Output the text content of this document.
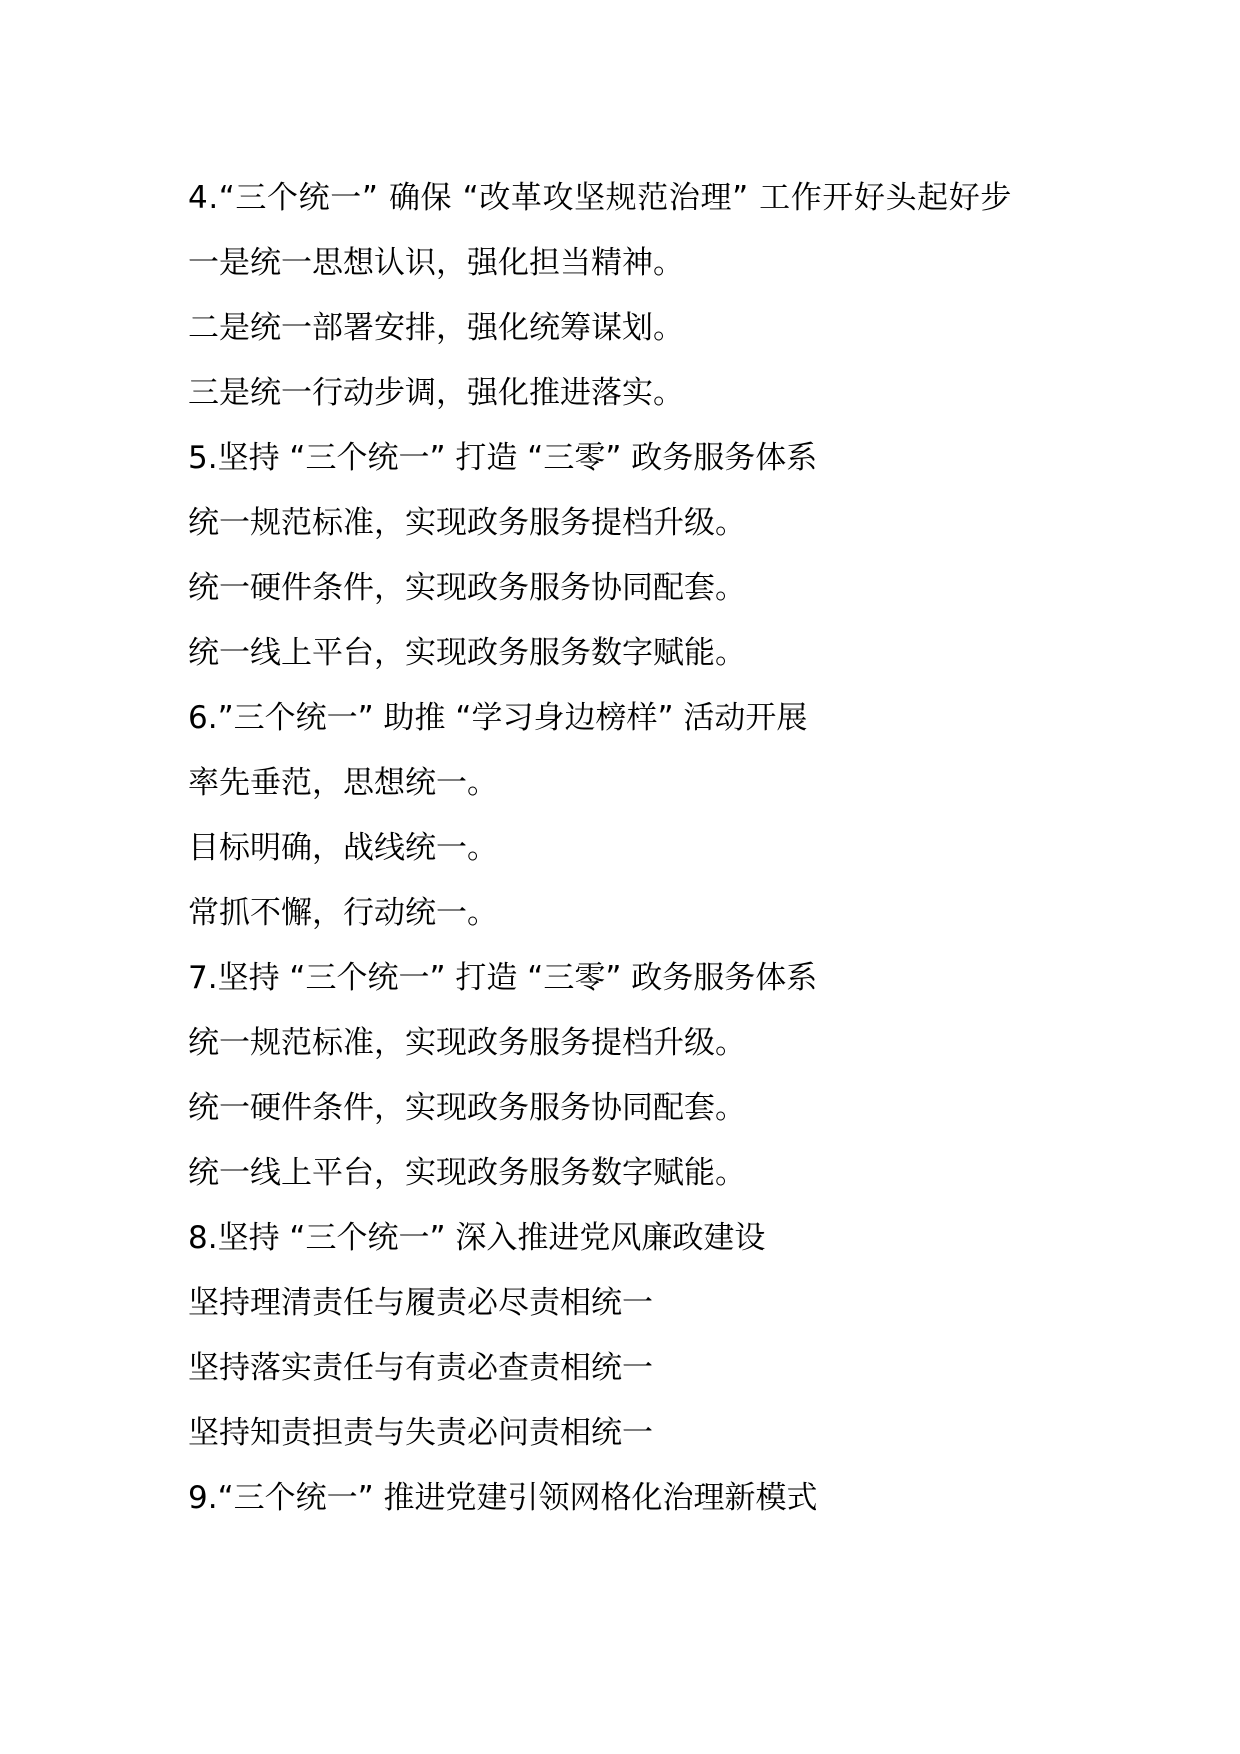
4.“三个统一” 确保 “改革攻坚规范治理” 工作开好头起好步
一是统一思想认识，强化担当精神。
二是统一部署安排，强化统筹谋划。
三是统一行动步调，强化推进落实。
5.坚持 “三个统一” 打造 “三零” 政务服务体系
统一规范标准，实现政务服务提档升级。
统一硬件条件，实现政务服务协同配套。
统一线上平台，实现政务服务数字赋能。
6.”三个统一” 助推 “学习身边榜样” 活动开展
率先垂范，思想统一。
目标明确，战线统一。
常抓不懈，行动统一。
7.坚持 “三个统一” 打造 “三零” 政务服务体系
统一规范标准，实现政务服务提档升级。
统一硬件条件，实现政务服务协同配套。
统一线上平台，实现政务服务数字赋能。
8.坚持 “三个统一” 深入推进党风廉政建设
坚持理清责任与履责必尽责相统一
坚持落实责任与有责必查责相统一
坚持知责担责与失责必问责相统一
9.“三个统一” 推进党建引领网格化治理新模式
